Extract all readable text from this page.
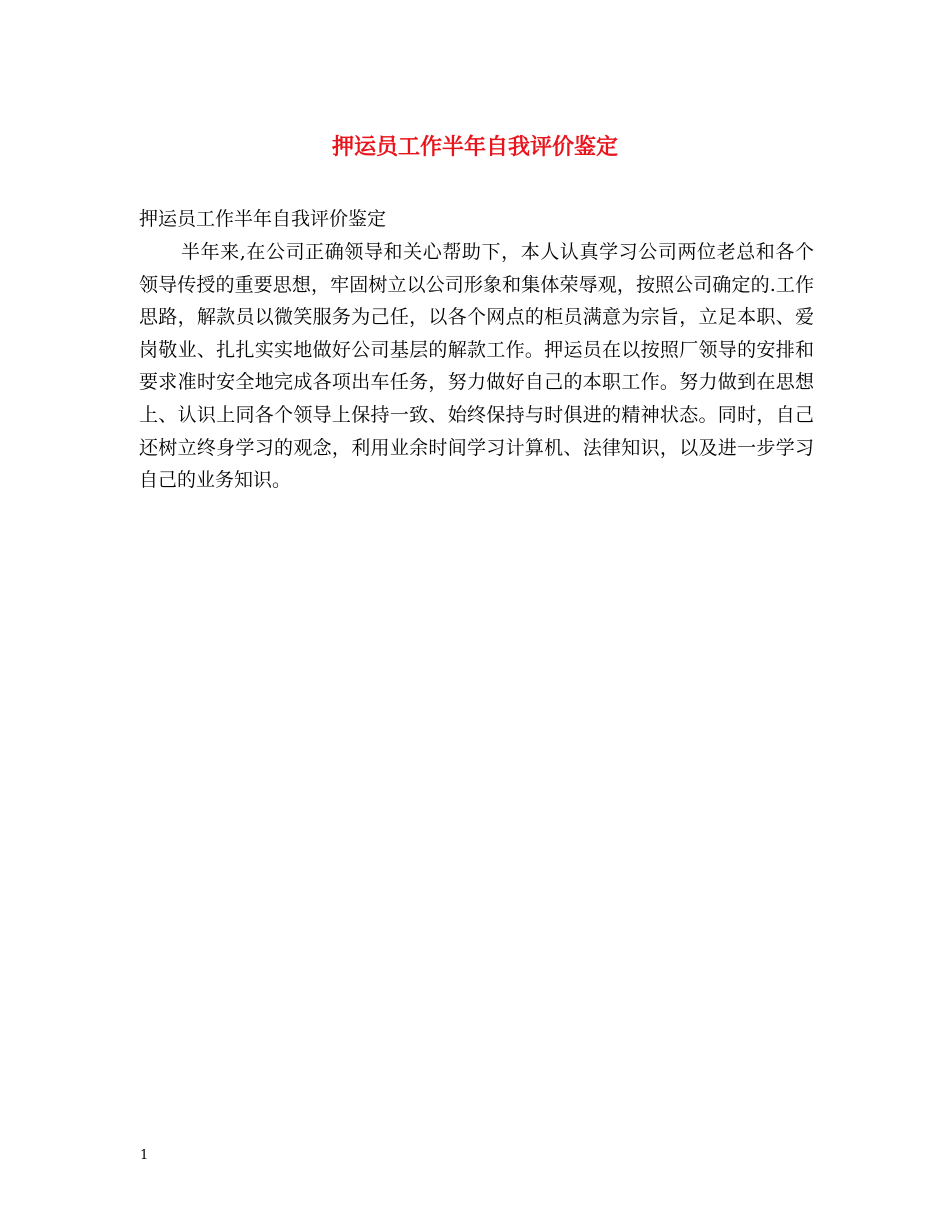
押运员工作半年自我评价鉴定
押运员工作半年自我评价鉴定

半年来,在公司正确领导和关心帮助下，本人认真学习公司两位老总和各个领导传授的重要思想，牢固树立以公司形象和集体荣辱观，按照公司确定的.工作思路，解款员以微笑服务为己任，以各个网点的柜员满意为宗旨，立足本职、爱岗敬业、扎扎实实地做好公司基层的解款工作。押运员在以按照厂领导的安排和要求准时安全地完成各项出车任务，努力做好自己的本职工作。努力做到在思想上、认识上同各个领导上保持一致、始终保持与时俱进的精神状态。同时，自己还树立终身学习的观念，利用业余时间学习计算机、法律知识，以及进一步学习自己的业务知识。

1
